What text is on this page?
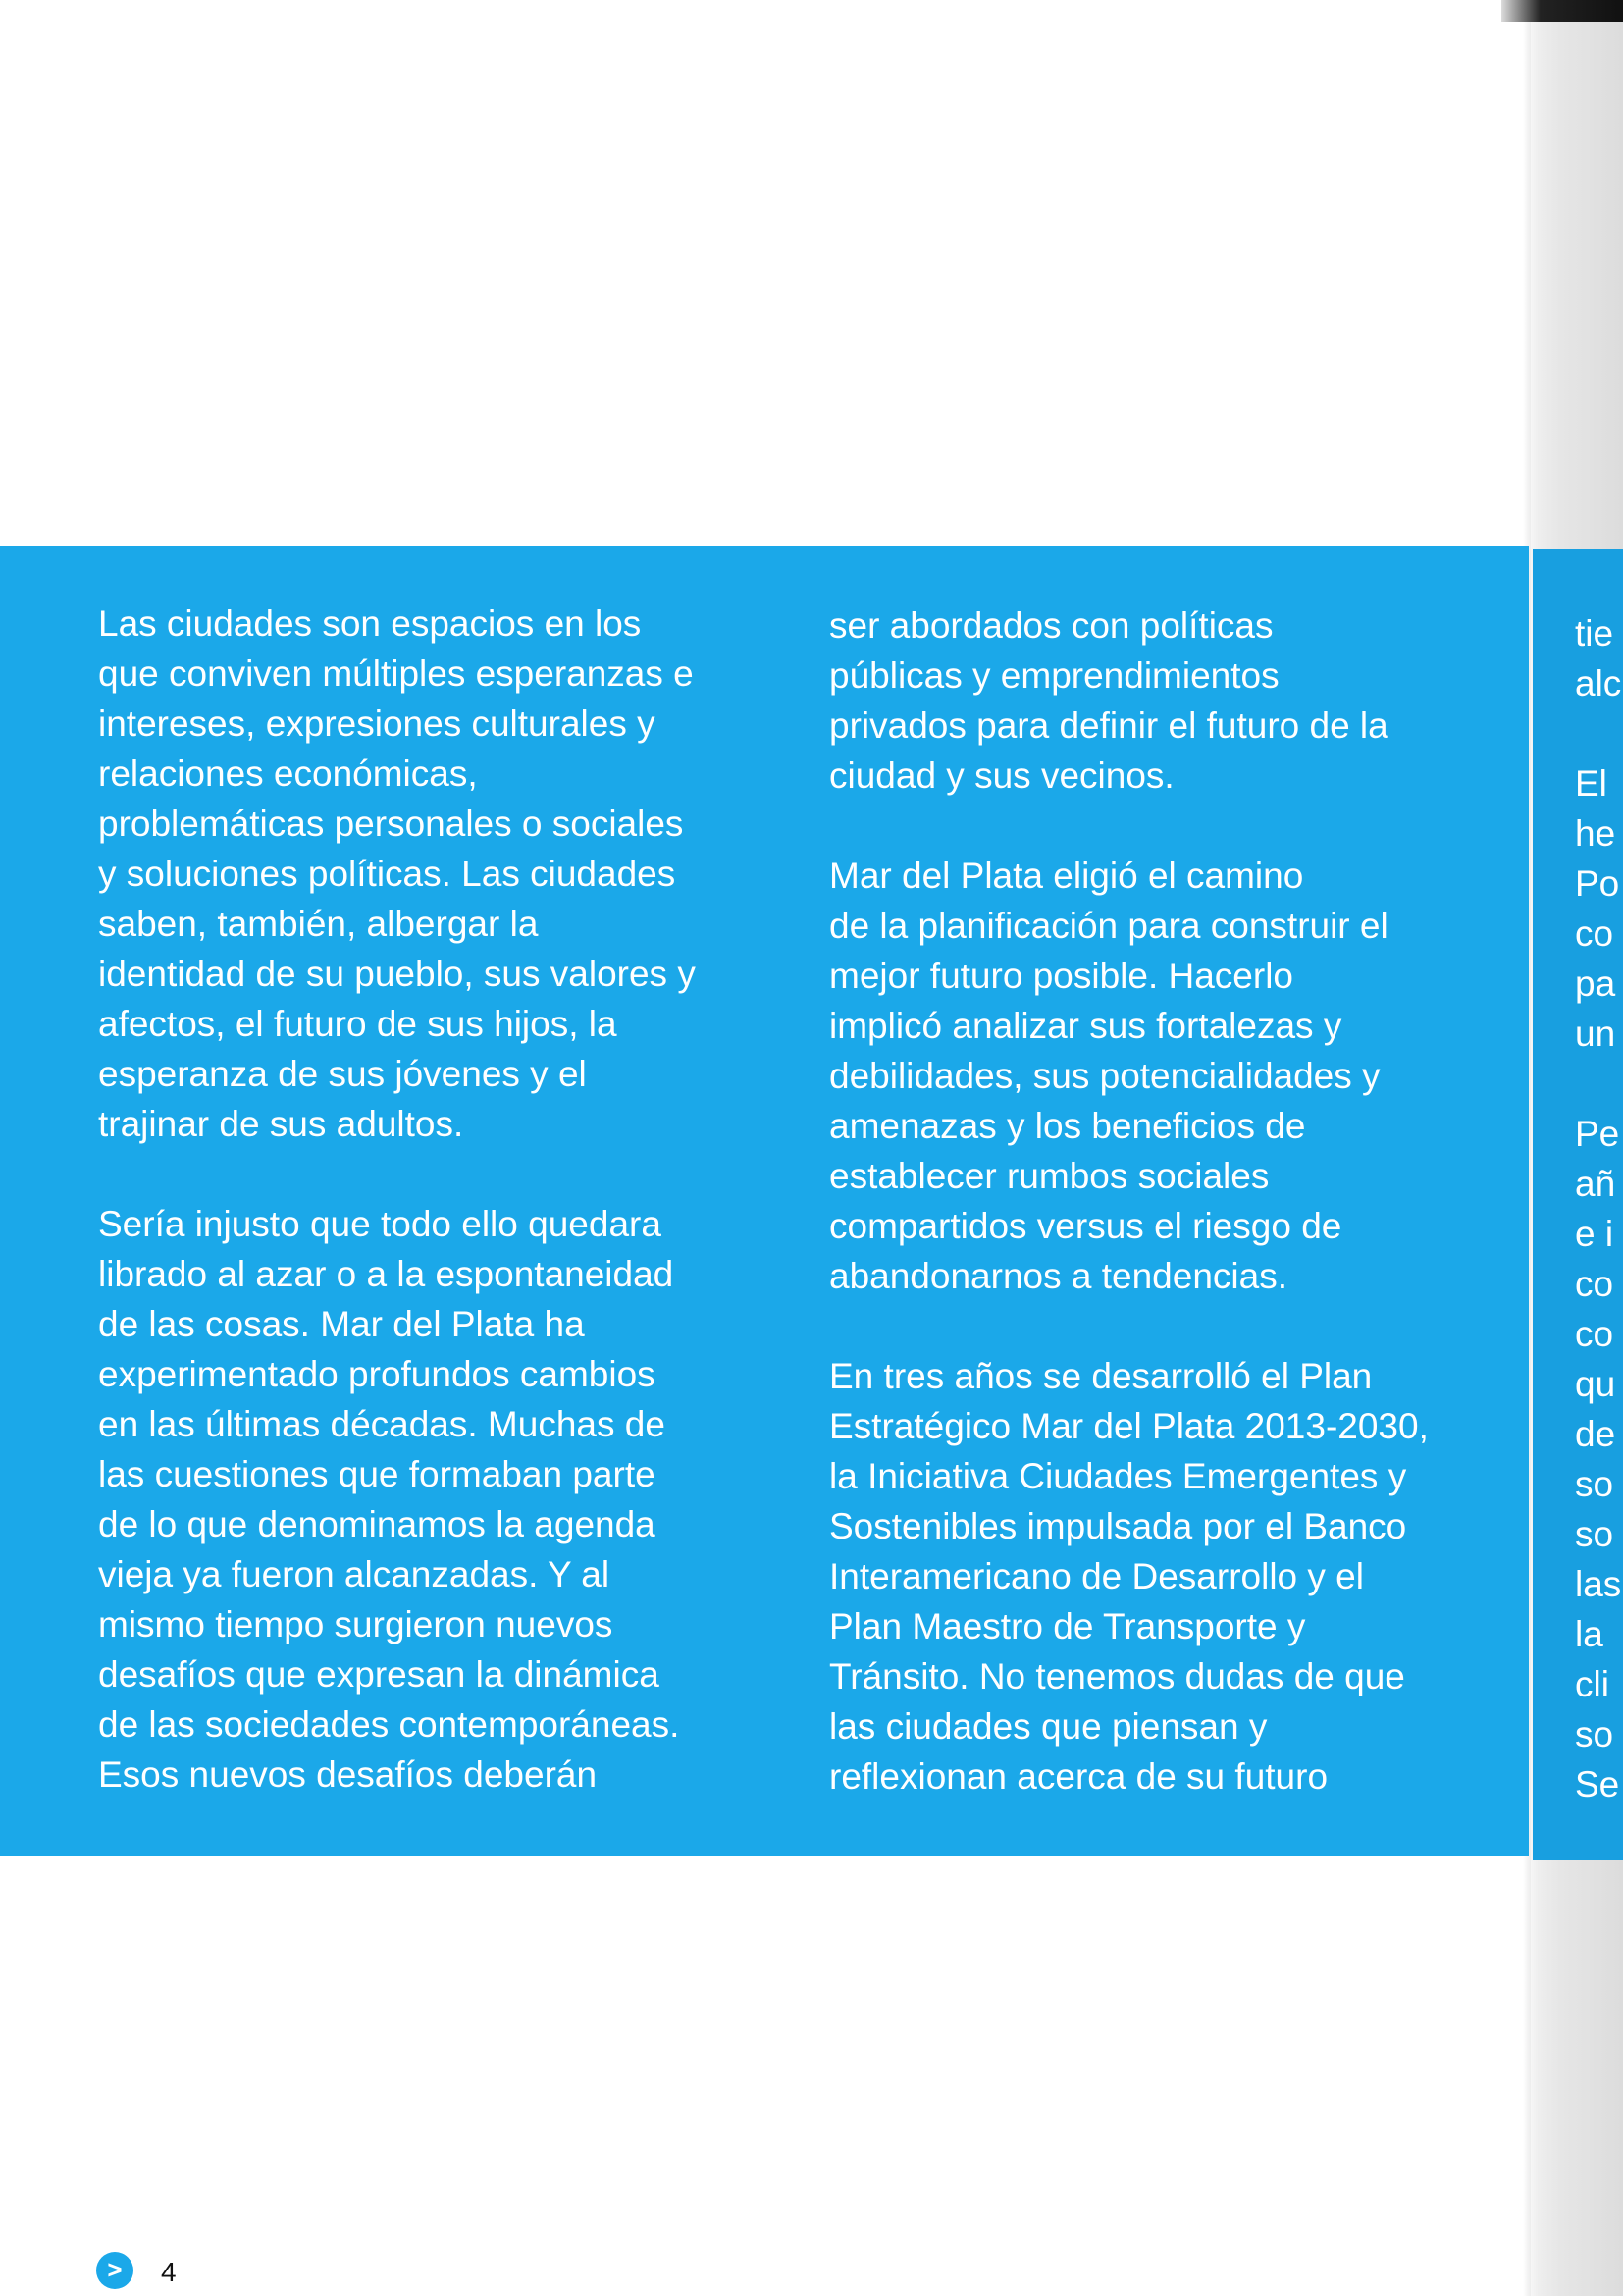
Las ciudades son espacios en los

que conviven múltiples esperanzas e

intereses, expresiones culturales y

relaciones económicas,

problemáticas personales o sociales

y soluciones políticas. Las ciudades

saben, también, albergar la

identidad de su pueblo, sus valores y

afectos, el futuro de sus hijos, la

esperanza de sus jóvenes y el

trajinar de sus adultos.

Sería injusto que todo ello quedara

librado al azar o a la espontaneidad

de las cosas. Mar del Plata ha

experimentado profundos cambios

en las últimas décadas. Muchas de

las cuestiones que formaban parte

de lo que denominamos la agenda

vieja ya fueron alcanzadas. Y al

mismo tiempo surgieron nuevos

desafíos que expresan la dinámica

de las sociedades contemporáneas.

Esos nuevos desafíos deberán

ser abordados con políticas

públicas y emprendimientos

privados para definir el futuro de la

ciudad y sus vecinos.

Mar del Plata eligió el camino

de la planificación para construir el

mejor futuro posible. Hacerlo

implicó analizar sus fortalezas y

debilidades, sus potencialidades y

amenazas y los beneficios de

establecer rumbos sociales

compartidos versus el riesgo de

abandonarnos a tendencias.

En tres años se desarrolló el Plan

Estratégico Mar del Plata 2013-2030,

la Iniciativa Ciudades Emergentes y

Sostenibles impulsada por el Banco

Interamericano de Desarrollo y el

Plan Maestro de Transporte y

Tránsito. No tenemos dudas de que

las ciudades que piensan y

reflexionan acerca de su futuro

tie

alc

El

he

Po

co

pa

un

Pe

añ

e i

co

co

qu

de

so

so

las

la

cli

so

Se

>	4
